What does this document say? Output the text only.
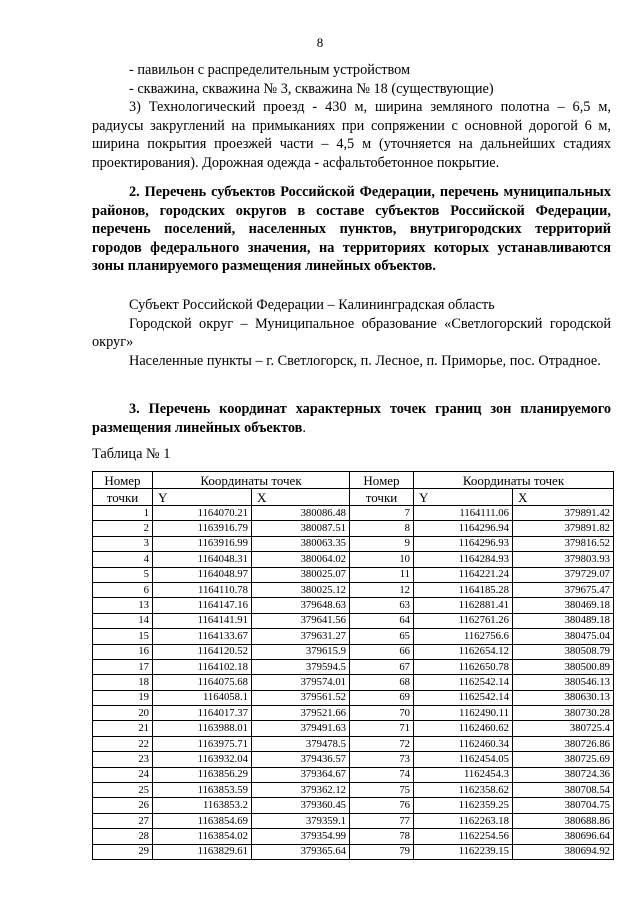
8
- павильон с распределительным устройством
- скважина, скважина № 3, скважина № 18 (существующие)
3) Технологический проезд - 430 м, ширина земляного полотна – 6,5 м, радиусы закруглений на примыканиях при сопряжении с основной дорогой 6 м, ширина покрытия проезжей части – 4,5 м (уточняется на дальнейших стадиях проектирования). Дорожная одежда - асфальтобетонное покрытие.
2. Перечень субъектов Российской Федерации, перечень муниципальных районов, городских округов в составе субъектов Российской Федерации, перечень поселений, населенных пунктов, внутригородских территорий городов федерального значения, на территориях которых устанавливаются зоны планируемого размещения линейных объектов.
Субъект Российской Федерации – Калининградская область
Городской округ – Муниципальное образование «Светлогорский городской округ»
Населенные пункты – г. Светлогорск, п. Лесное, п. Приморье, пос. Отрадное.
3. Перечень координат характерных точек границ зон планируемого размещения линейных объектов.
Таблица № 1
Номер	Координаты точек		Номер	Координаты точек	
точки	Y	X	точки	Y	X
1	1164070.21	380086.48	7	1164111.06	379891.42
2	1163916.79	380087.51	8	1164296.94	379891.82
3	1163916.99	380063.35	9	1164296.93	379816.52
4	1164048.31	380064.02	10	1164284.93	379803.93
5	1164048.97	380025.07	11	1164221.24	379729.07
6	1164110.78	380025.12	12	1164185.28	379675.47
13	1164147.16	379648.63	63	1162881.41	380469.18
14	1164141.91	379641.56	64	1162761.26	380489.18
15	1164133.67	379631.27	65	1162756.6	380475.04
16	1164120.52	379615.9	66	1162654.12	380508.79
17	1164102.18	379594.5	67	1162650.78	380500.89
18	1164075.68	379574.01	68	1162542.14	380546.13
19	1164058.1	379561.52	69	1162542.14	380630.13
20	1164017.37	379521.66	70	1162490.11	380730.28
21	1163988.01	379491.63	71	1162460.62	380725.4
22	1163975.71	379478.5	72	1162460.34	380726.86
23	1163932.04	379436.57	73	1162454.05	380725.69
24	1163856.29	379364.67	74	1162454.3	380724.36
25	1163853.59	379362.12	75	1162358.62	380708.54
26	1163853.2	379360.45	76	1162359.25	380704.75
27	1163854.69	379359.1	77	1162263.18	380688.86
28	1163854.02	379354.99	78	1162254.56	380696.64
29	1163829.61	379365.64	79	1162239.15	380694.92
